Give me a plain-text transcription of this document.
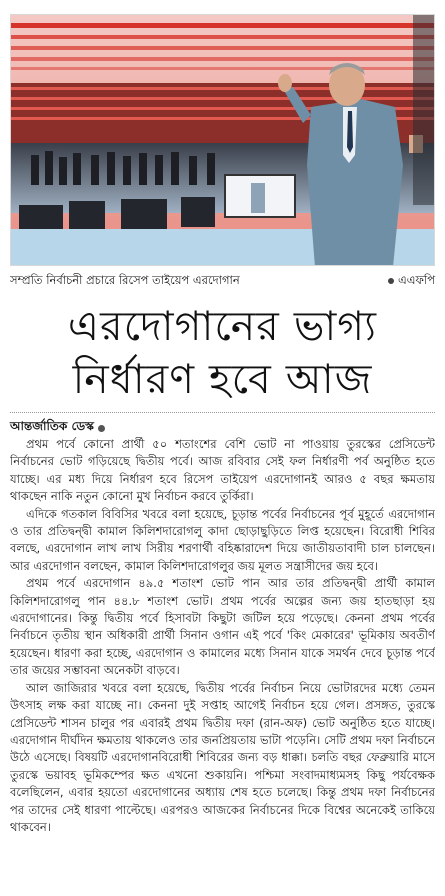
সম্প্রতি নির্বাচনী প্রচারে রিসেপ তাইয়েপ এরদোগান	এএফপি
এরদোগানের ভাগ্য
নির্ধারণ হবে আজ
আন্তর্জাতিক ডেস্ক

প্রথম পর্বে কোনো প্রার্থী ৫০ শতাংশের বেশি ভোট না পাওয়ায় তুরস্কের প্রেসিডেন্ট নির্বাচনের ভোট গড়িয়েছে দ্বিতীয় পর্বে। আজ রবিবার সেই ফল নির্ধারণী পর্ব অনুষ্ঠিত হতে যাচ্ছে। এর মধ্য দিয়ে নির্ধারণ হবে রিসেপ তাইয়েপ এরদোগানই আরও ৫ বছর ক্ষমতায় থাকছেন নাকি নতুন কোনো মুখ নির্বাচন করবে তুর্কিরা।

এদিকে গতকাল বিবিসির খবরে বলা হয়েছে, চূড়ান্ত পর্বের নির্বাচনের পূর্ব মুহূর্তে এরদোগান ও তার প্রতিদ্বন্দ্বী কামাল কিলিশদারোগলু কাদা ছোড়াছুড়িতে লিপ্ত হয়েছেন। বিরোধী শিবির বলছে, এরদোগান লাখ লাখ সিরীয় শরণার্থী বহিষ্কারাদেশ দিয়ে জাতীয়তাবাদী চাল চালছেন। আর এরদোগান বলছেন, কামাল কিলিশদারোগলুর জয় মূলত সন্ত্রাসীদের জয় হবে।

প্রথম পর্বে এরদোগান ৪৯.৫ শতাংশ ভোট পান আর তার প্রতিদ্বন্দ্বী প্রার্থী কামাল কিলিশদারোগলু পান ৪৪.৮ শতাংশ ভোট। প্রথম পর্বের অল্পের জন্য জয় হাতছাড়া হয় এরদোগানের। কিন্তু দ্বিতীয় পর্বে হিসাবটা কিছুটা জটিল হয়ে পড়েছে। কেননা প্রথম পর্বের নির্বাচনে তৃতীয় স্থান অধিকারী প্রার্থী সিনান ওগান এই পর্বে 'কিং মেকারের' ভূমিকায় অবতীর্ণ হয়েছেন। ধারণা করা হচ্ছে, এরদোগান ও কামালের মধ্যে সিনান যাকে সমর্থন দেবে চূড়ান্ত পর্বে তার জয়ের সম্ভাবনা অনেকটা বাড়বে।

আল জাজিরার খবরে বলা হয়েছে, দ্বিতীয় পর্বের নির্বাচন নিয়ে ভোটারদের মধ্যে তেমন উৎসাহ লক্ষ করা যাচ্ছে না। কেননা দুই সপ্তাহ আগেই নির্বাচন হয়ে গেল। প্রসঙ্গত, তুরস্কে প্রেসিডেন্ট শাসন চালুর পর এবারই প্রথম দ্বিতীয় দফা (রান-অফ) ভোট অনুষ্ঠিত হতে যাচ্ছে। এরদোগান দীর্ঘদিন ক্ষমতায় থাকলেও তার জনপ্রিয়তায় ভাটা পড়েনি। সেটি প্রথম দফা নির্বাচনে উঠে এসেছে। বিষয়টি এরদোগানবিরোধী শিবিরের জন্য বড় ধাক্কা। চলতি বছর ফেব্রুয়ারি মাসে তুরস্কে ভয়াবহ ভূমিকম্পের ক্ষত এখনো শুকায়নি। পশ্চিমা সংবাদমাধ্যমসহ কিছু পর্যবেক্ষক বলেছিলেন, এবার হয়তো এরদোগানের অধ্যায় শেষ হতে চলেছে। কিন্তু প্রথম দফা নির্বাচনের পর তাদের সেই ধারণা পাল্টেছে। এরপরও আজকের নির্বাচনের দিকে বিশ্বের অনেকেই তাকিয়ে থাকবেন।
